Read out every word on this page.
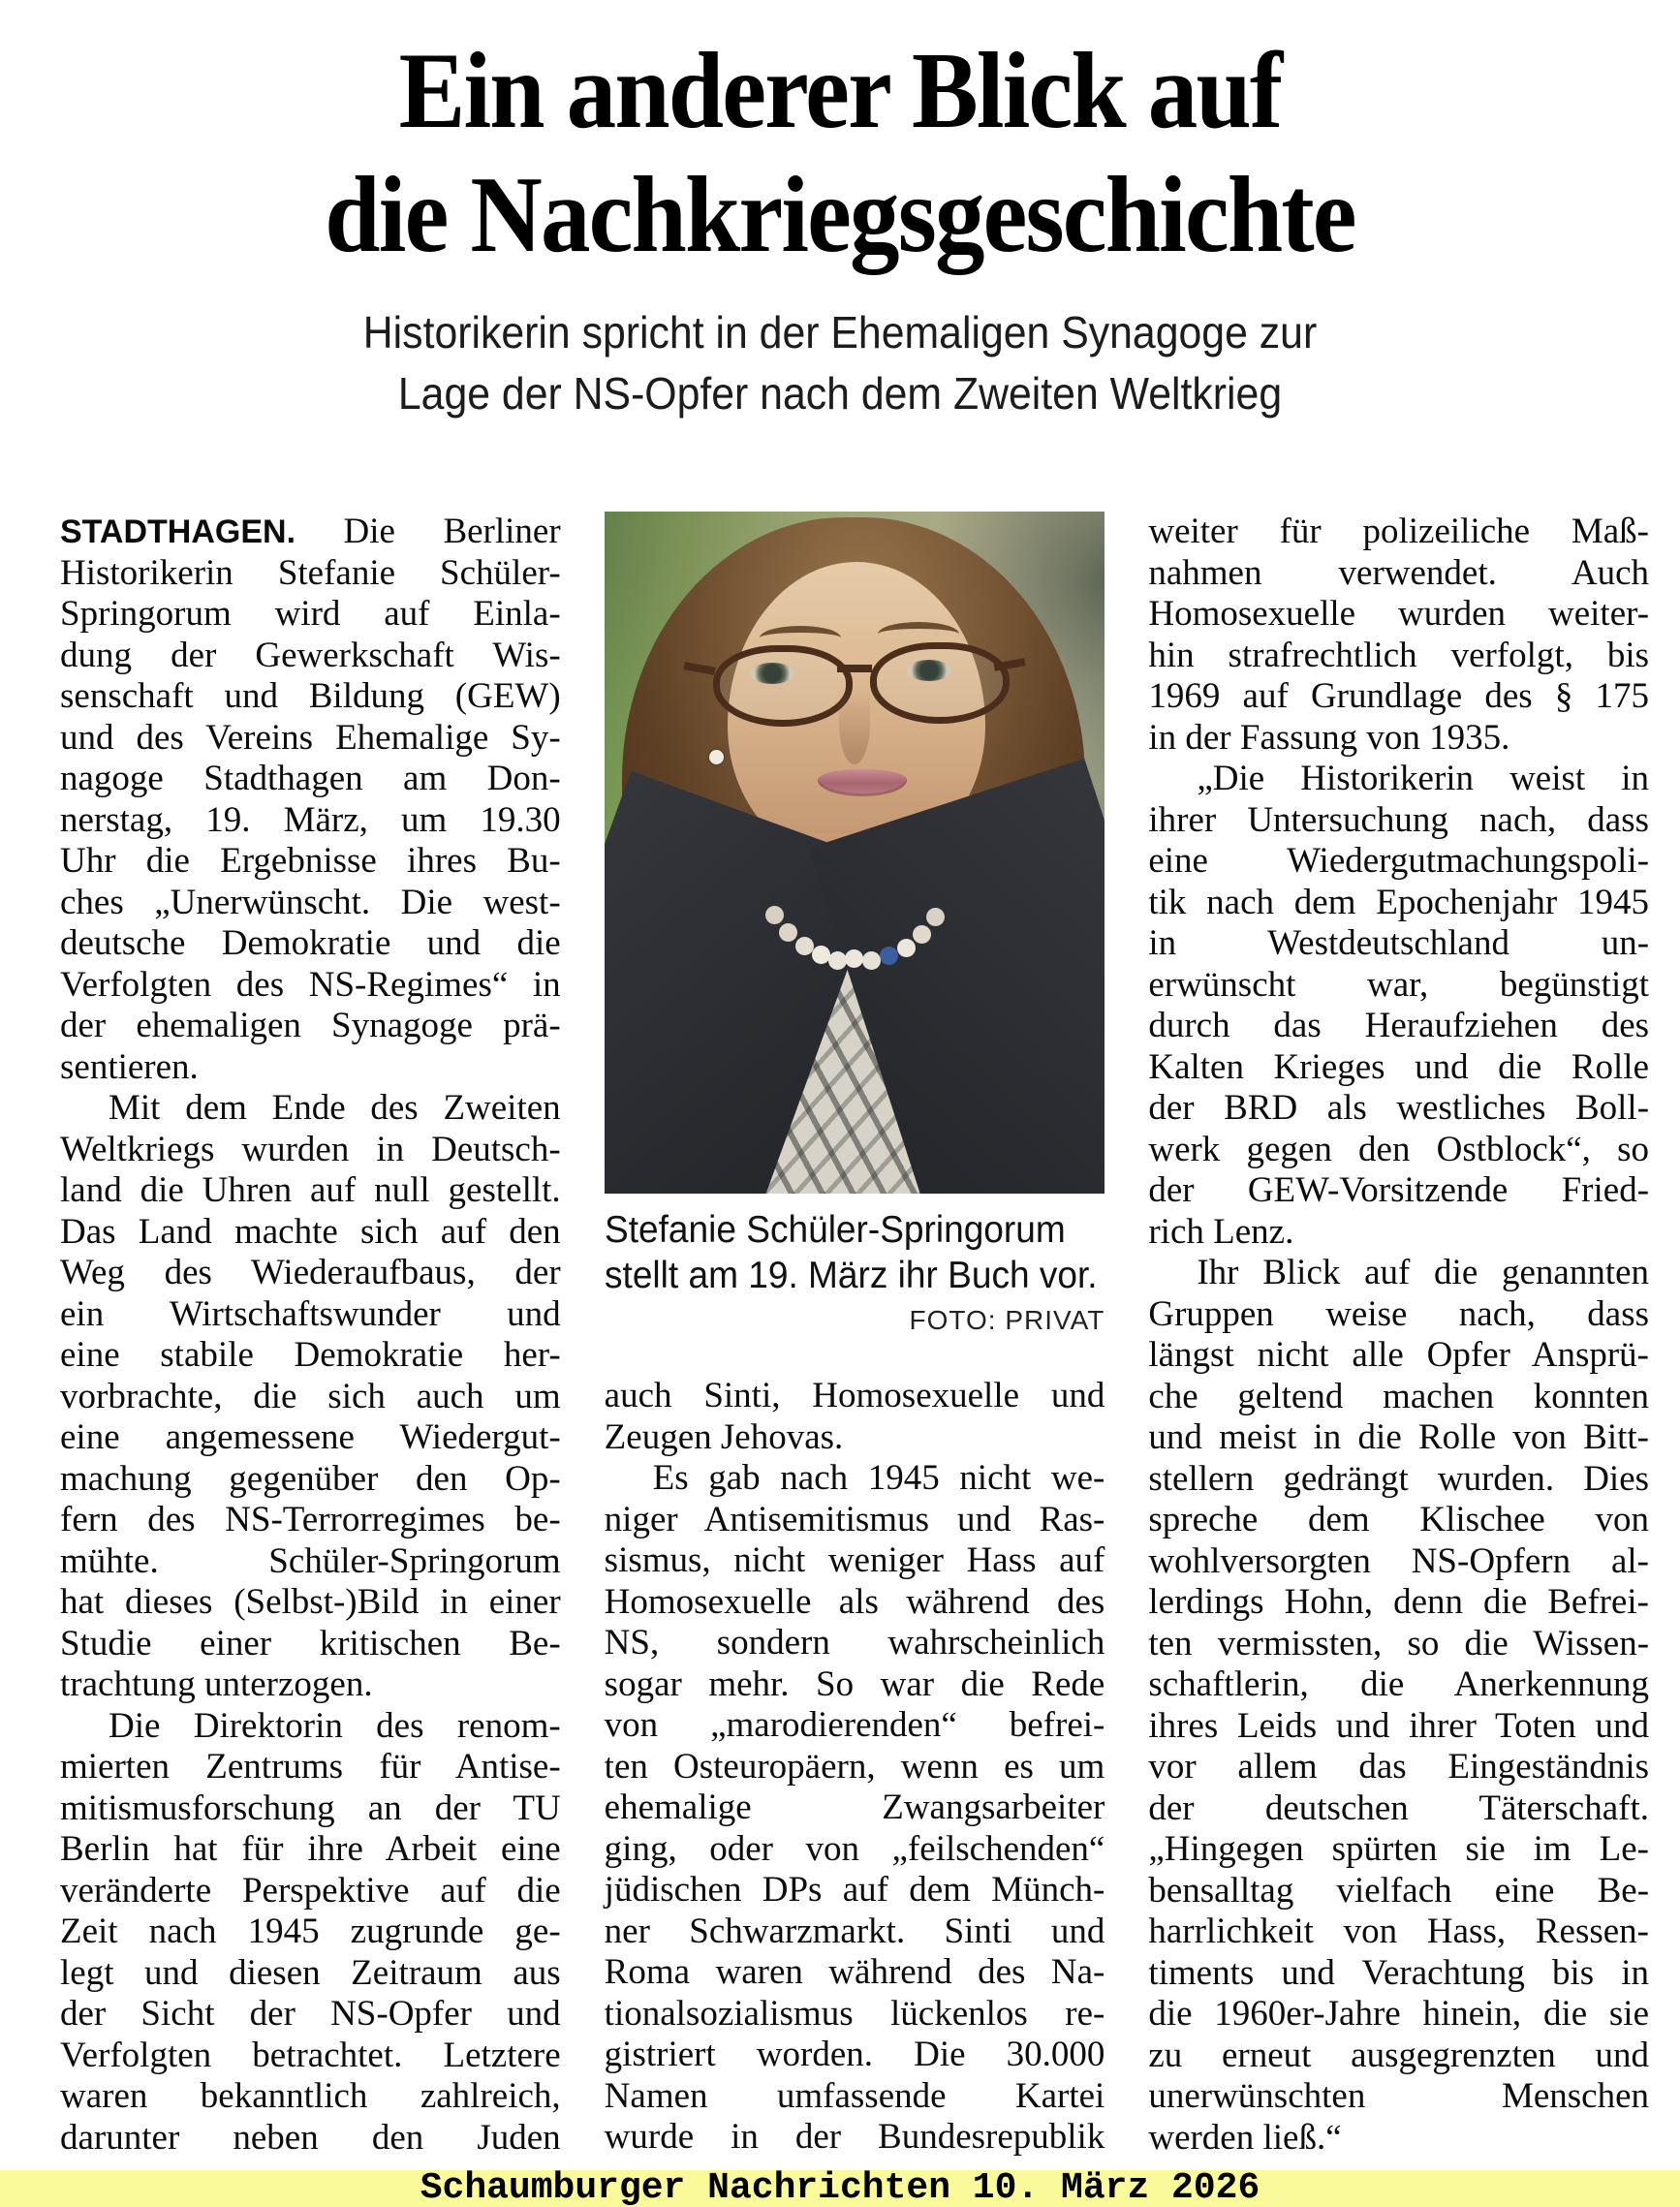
Ein anderer Blick auf
die Nachkriegsgeschichte

Historikerin spricht in der Ehemaligen Synagoge zur
Lage der NS-Opfer nach dem Zweiten Weltkrieg

STADTHAGEN. Die Berliner
Historikerin Stefanie Schüler-
Springorum wird auf Einla-
dung der Gewerkschaft Wis-
senschaft und Bildung (GEW)
und des Vereins Ehemalige Sy-
nagoge Stadthagen am Don-
nerstag, 19. März, um 19.30
Uhr die Ergebnisse ihres Bu-
ches „Unerwünscht. Die west-
deutsche Demokratie und die
Verfolgten des NS-Regimes“ in
der ehemaligen Synagoge prä-
sentieren.
Mit dem Ende des Zweiten
Weltkriegs wurden in Deutsch-
land die Uhren auf null gestellt.
Das Land machte sich auf den
Weg des Wiederaufbaus, der
ein Wirtschaftswunder und
eine stabile Demokratie her-
vorbrachte, die sich auch um
eine angemessene Wiedergut-
machung gegenüber den Op-
fern des NS-Terrorregimes be-
mühte. Schüler-Springorum
hat dieses (Selbst-)Bild in einer
Studie einer kritischen Be-
trachtung unterzogen.
Die Direktorin des renom-
mierten Zentrums für Antise-
mitismusforschung an der TU
Berlin hat für ihre Arbeit eine
veränderte Perspektive auf die
Zeit nach 1945 zugrunde ge-
legt und diesen Zeitraum aus
der Sicht der NS-Opfer und
Verfolgten betrachtet. Letztere
waren bekanntlich zahlreich,
darunter neben den Juden
Stefanie Schüler-Springorum
stellt am 19. März ihr Buch vor.
FOTO: PRIVAT
auch Sinti, Homosexuelle und
Zeugen Jehovas.
Es gab nach 1945 nicht we-
niger Antisemitismus und Ras-
sismus, nicht weniger Hass auf
Homosexuelle als während des
NS, sondern wahrscheinlich
sogar mehr. So war die Rede
von „marodierenden“ befrei-
ten Osteuropäern, wenn es um
ehemalige Zwangsarbeiter
ging, oder von „feilschenden“
jüdischen DPs auf dem Münch-
ner Schwarzmarkt. Sinti und
Roma waren während des Na-
tionalsozialismus lückenlos re-
gistriert worden. Die 30.000
Namen umfassende Kartei
wurde in der Bundesrepublik
weiter für polizeiliche Maß-
nahmen verwendet. Auch
Homosexuelle wurden weiter-
hin strafrechtlich verfolgt, bis
1969 auf Grundlage des § 175
in der Fassung von 1935.
„Die Historikerin weist in
ihrer Untersuchung nach, dass
eine Wiedergutmachungspoli-
tik nach dem Epochenjahr 1945
in Westdeutschland un-
erwünscht war, begünstigt
durch das Heraufziehen des
Kalten Krieges und die Rolle
der BRD als westliches Boll-
werk gegen den Ostblock“, so
der GEW-Vorsitzende Fried-
rich Lenz.
Ihr Blick auf die genannten
Gruppen weise nach, dass
längst nicht alle Opfer Ansprü-
che geltend machen konnten
und meist in die Rolle von Bitt-
stellern gedrängt wurden. Dies
spreche dem Klischee von
wohlversorgten NS-Opfern al-
lerdings Hohn, denn die Befrei-
ten vermissten, so die Wissen-
schaftlerin, die Anerkennung
ihres Leids und ihrer Toten und
vor allem das Eingeständnis
der deutschen Täterschaft.
„Hingegen spürten sie im Le-
bensalltag vielfach eine Be-
harrlichkeit von Hass, Ressen-
timents und Verachtung bis in
die 1960er-Jahre hinein, die sie
zu erneut ausgegrenzten und
unerwünschten Menschen
werden ließ.“
Schaumburger Nachrichten 10. März 2026
